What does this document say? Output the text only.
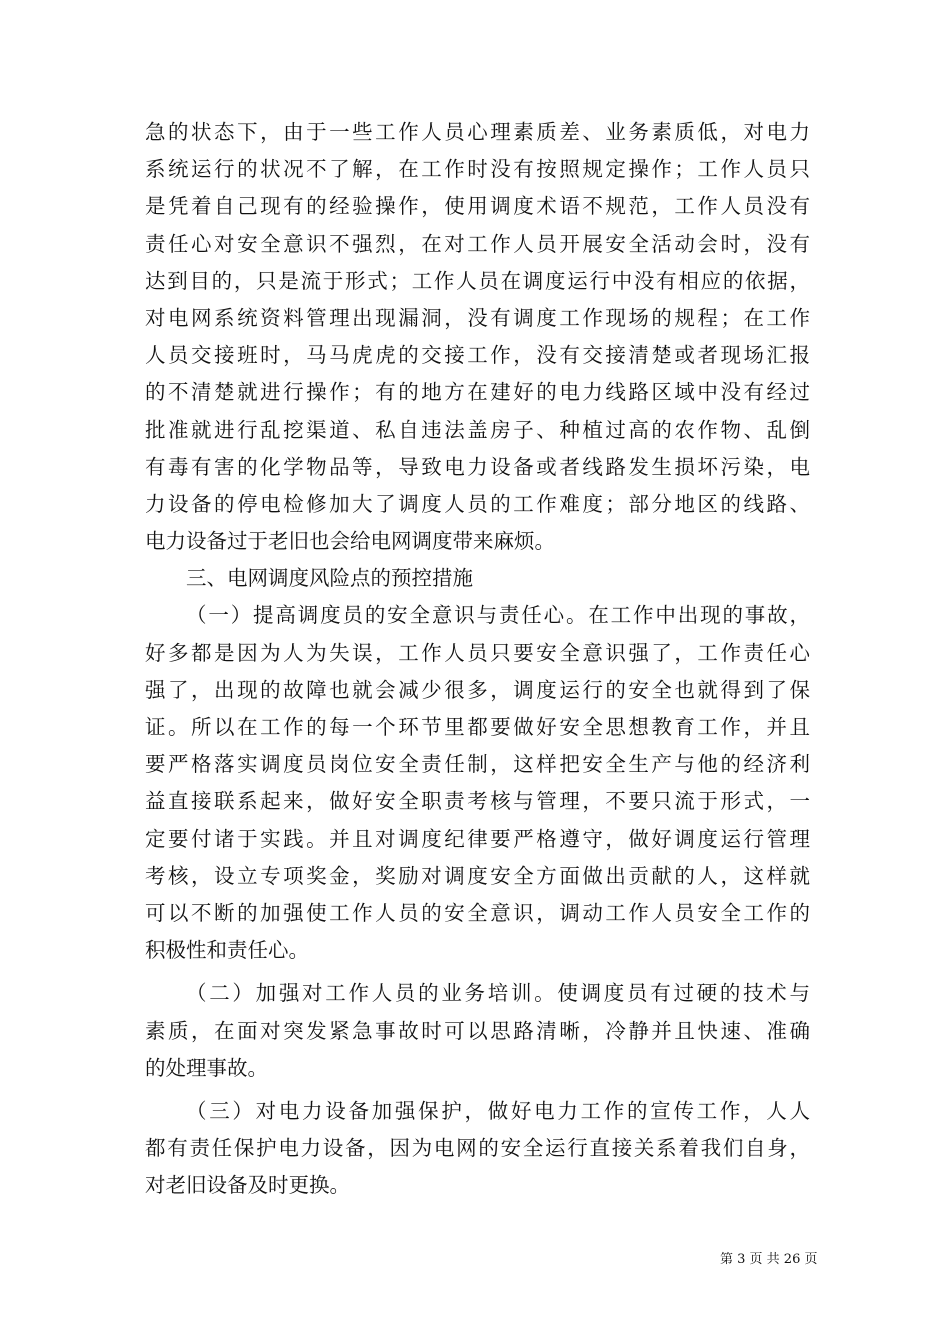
急的状态下，由于一些工作人员心理素质差、业务素质低，对电力
系统运行的状况不了解，在工作时没有按照规定操作；工作人员只
是凭着自己现有的经验操作，使用调度术语不规范，工作人员没有
责任心对安全意识不强烈，在对工作人员开展安全活动会时，没有
达到目的，只是流于形式；工作人员在调度运行中没有相应的依据，
对电网系统资料管理出现漏洞，没有调度工作现场的规程；在工作
人员交接班时，马马虎虎的交接工作，没有交接清楚或者现场汇报
的不清楚就进行操作；有的地方在建好的电力线路区域中没有经过
批准就进行乱挖渠道、私自违法盖房子、种植过高的农作物、乱倒
有毒有害的化学物品等，导致电力设备或者线路发生损坏污染，电
力设备的停电检修加大了调度人员的工作难度；部分地区的线路、
电力设备过于老旧也会给电网调度带来麻烦。
三、电网调度风险点的预控措施
（一）提高调度员的安全意识与责任心。在工作中出现的事故，
好多都是因为人为失误，工作人员只要安全意识强了，工作责任心
强了，出现的故障也就会减少很多，调度运行的安全也就得到了保
证。所以在工作的每一个环节里都要做好安全思想教育工作，并且
要严格落实调度员岗位安全责任制，这样把安全生产与他的经济利
益直接联系起来，做好安全职责考核与管理，不要只流于形式，一
定要付诸于实践。并且对调度纪律要严格遵守，做好调度运行管理
考核，设立专项奖金，奖励对调度安全方面做出贡献的人，这样就
可以不断的加强使工作人员的安全意识，调动工作人员安全工作的
积极性和责任心。
（二）加强对工作人员的业务培训。使调度员有过硬的技术与
素质，在面对突发紧急事故时可以思路清晰，冷静并且快速、准确
的处理事故。
（三）对电力设备加强保护，做好电力工作的宣传工作，人人
都有责任保护电力设备，因为电网的安全运行直接关系着我们自身，
对老旧设备及时更换。
第 3 页 共 26 页
